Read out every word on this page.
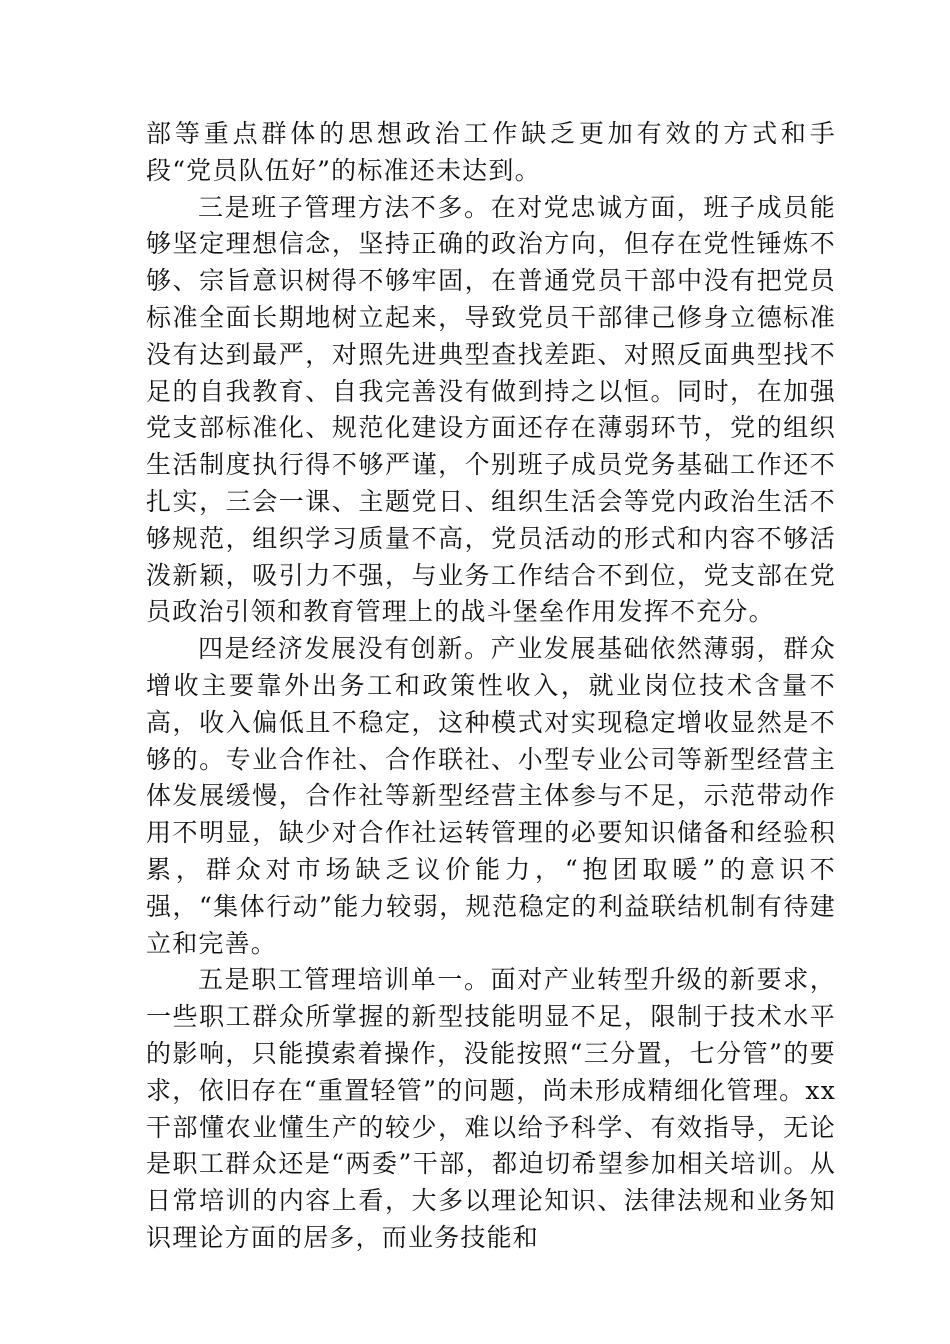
部等重点群体的思想政治工作缺乏更加有效的方式和手段“党员队伍好”的标准还未达到。

三是班子管理方法不多。在对党忠诚方面，班子成员能够坚定理想信念，坚持正确的政治方向，但存在党性锤炼不够、宗旨意识树得不够牢固，在普通党员干部中没有把党员标准全面长期地树立起来，导致党员干部律己修身立德标准没有达到最严，对照先进典型查找差距、对照反面典型找不足的自我教育、自我完善没有做到持之以恒。同时，在加强党支部标准化、规范化建设方面还存在薄弱环节，党的组织生活制度执行得不够严谨，个别班子成员党务基础工作还不扎实，三会一课、主题党日、组织生活会等党内政治生活不够规范，组织学习质量不高，党员活动的形式和内容不够活泼新颖，吸引力不强，与业务工作结合不到位，党支部在党员政治引领和教育管理上的战斗堡垒作用发挥不充分。

四是经济发展没有创新。产业发展基础依然薄弱，群众增收主要靠外出务工和政策性收入，就业岗位技术含量不高，收入偏低且不稳定，这种模式对实现稳定增收显然是不够的。专业合作社、合作联社、小型专业公司等新型经营主体发展缓慢，合作社等新型经营主体参与不足，示范带动作用不明显，缺少对合作社运转管理的必要知识储备和经验积累，群众对市场缺乏议价能力，“抱团取暖”的意识不强，“集体行动”能力较弱，规范稳定的利益联结机制有待建立和完善。

五是职工管理培训单一。面对产业转型升级的新要求，一些职工群众所掌握的新型技能明显不足，限制于技术水平的影响，只能摸索着操作，没能按照“三分置，七分管”的要求，依旧存在“重置轻管”的问题，尚未形成精细化管理。xx干部懂农业懂生产的较少，难以给予科学、有效指导，无论是职工群众还是“两委”干部，都迫切希望参加相关培训。从日常培训的内容上看，大多以理论知识、法律法规和业务知识理论方面的居多，而业务技能和
